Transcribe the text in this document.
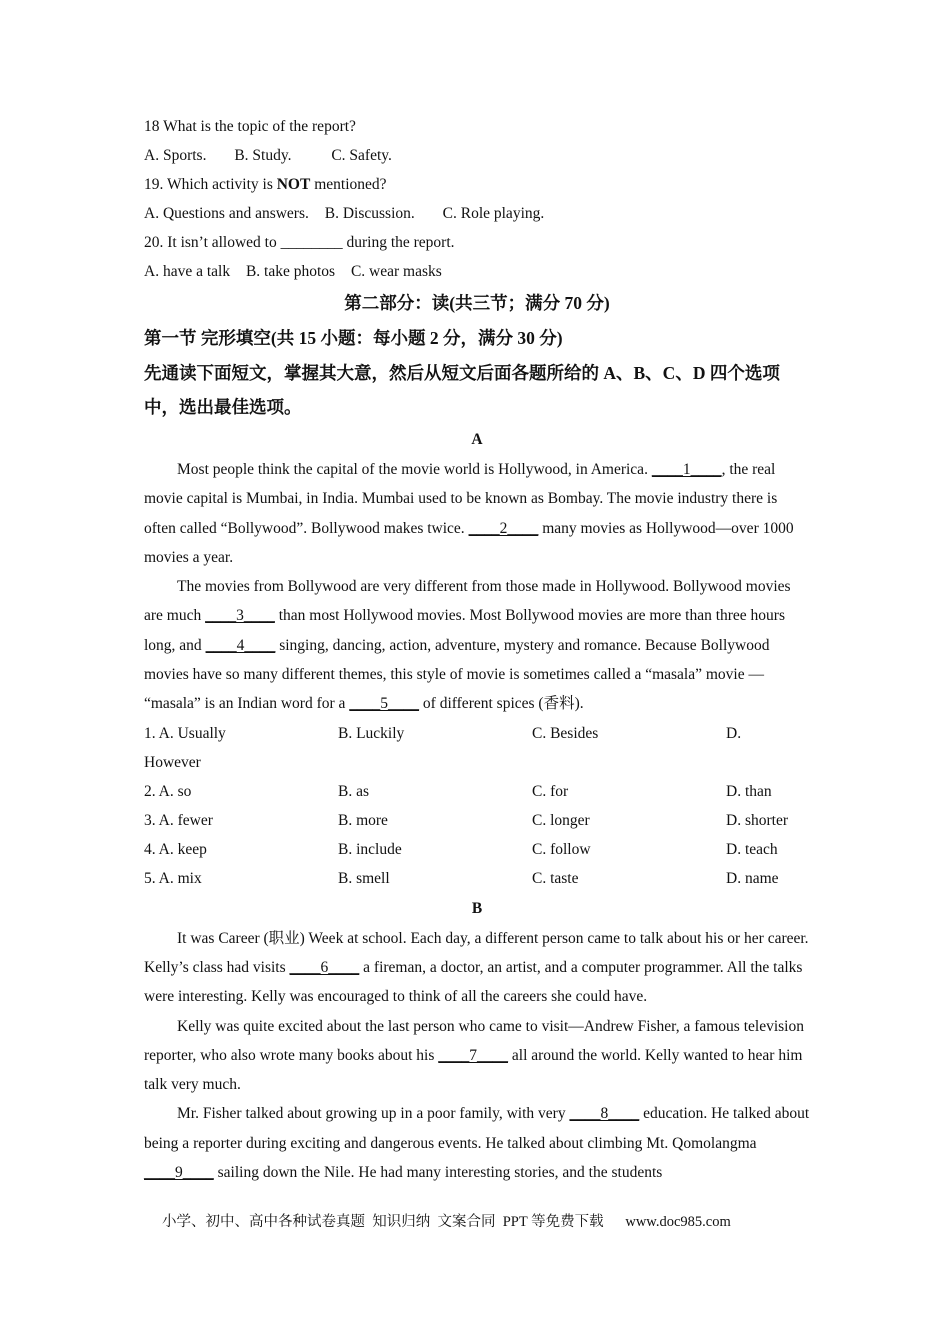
18 What is the topic of the report?
A. Sports. B. Study.	C. Safety.
19. Which activity is NOT mentioned?
A. Questions and answers. B. Discussion. C. Role playing.
20. It isn’t allowed to ________ during the report.
A. have a talk B. take photos C. wear masks
第二部分：读(共三节；满分 70 分)
第一节 完形填空(共 15 小题：每小题 2 分，满分 30 分)
先通读下面短文，掌握其大意，然后从短文后面各题所给的 A、B、C、D 四个选项中，选出最佳选项。
A

Most people think the capital of the movie world is Hollywood, in America. ____1____, the real movie capital is Mumbai, in India. Mumbai used to be known as Bombay. The movie industry there is often called “Bollywood”. Bollywood makes twice. ____2____ many movies as Hollywood—over 1000 movies a year.

The movies from Bollywood are very different from those made in Hollywood. Bollywood movies are much ____3____ than most Hollywood movies. Most Bollywood movies are more than three hours long, and ____4____ singing, dancing, action, adventure, mystery and romance. Because Bollywood movies have so many different themes, this style of movie is sometimes called a “masala” movie — “masala” is an Indian word for a ____5____ of different spices (香料).

1. A. Usually	B. Luckily	C. Besides	D.
However
2. A. so	B. as	C. for	D. than
3. A. fewer	B. more	C. longer	D. shorter
4. A. keep	B. include	C. follow	D. teach
5. A. mix	B. smell	C. taste	D. name
B

It was Career (职业) Week at school. Each day, a different person came to talk about his or her career. Kelly’s class had visits ____6____ a fireman, a doctor, an artist, and a computer programmer. All the talks were interesting. Kelly was encouraged to think of all the careers she could have.

Kelly was quite excited about the last person who came to visit—Andrew Fisher, a famous television reporter, who also wrote many books about his ____7____ all around the world. Kelly wanted to hear him talk very much.

Mr. Fisher talked about growing up in a poor family, with very ____8____ education. He talked about being a reporter during exciting and dangerous events. He talked about climbing Mt. Qomolangma ____9____ sailing down the Nile. He had many interesting stories, and the students

小学、初中、高中各种试卷真题  知识归纳  文案合同  PPT 等免费下载      www.doc985.com
